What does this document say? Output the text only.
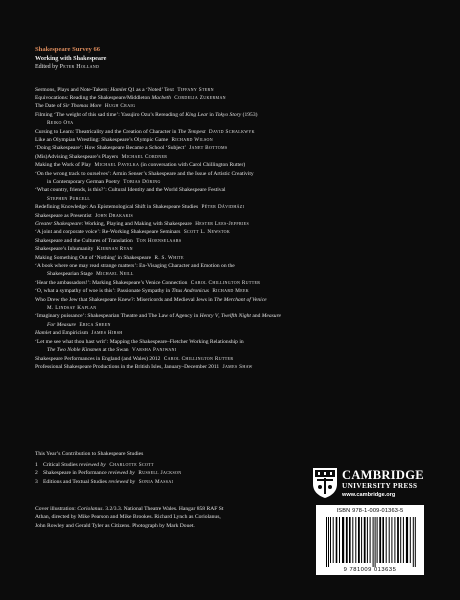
Shakespeare Survey 66
Working with Shakespeare
Edited by Peter Holland
Sermons, Plays and Note-Takers: Hamlet Q1 as a ‘Noted’ Text Tiffany Stern
Equivocations: Reading the Shakespeare/Middleton Macbeth Cordelia Zukerman
The Date of Sir Thomas More Hugh Craig
Filming ‘The weight of this sad time’: Yasujiro Ozu’s Rereading of King Lear in Tokyo Story (1953)
Reiko Oya
Cursing to Learn: Theatricality and the Creation of Character in The Tempest David Schalkwyk
Like an Olympian Wrestling: Shakespeare’s Olympic Game Richard Wilson
‘Doing Shakespeare’: How Shakespeare Became a School ‘Subject’ Janet Bottoms
(Mis)Advising Shakespeare’s Players Michael Cordner
Making the Work of Play Michael Pavelka (in conversation with Carol Chillington Rutter)
‘On the wrong track to ourselves’: Armin Senser’s Shakespeare and the Issue of Artistic Creativity
in Contemporary German Poetry Tobias Döring
‘What country, friends, is this?’: Cultural Identity and the World Shakespeare Festival
Stephen Purcell
Redefining Knowledge: An Epistemological Shift in Shakespeare Studies Péter Dávidházi
Shakespeare as Presentist John Drakakis
Greater Shakespeare: Working, Playing and Making with Shakespeare Hester Lees-Jeffries
‘A joint and corporate voice’: Re-Working Shakespeare Seminars Scott L. Newstok
Shakespeare and the Cultures of Translation Ton Hoenselaars
Shakespeare’s Inhumanity Kiernan Ryan
Making Something Out of ‘Nothing’ in Shakespeare R. S. White
‘A book where one may read strange matters’: En-Visaging Character and Emotion on the
Shakespearian Stage Michael Neill
‘Hear the ambassadors!’: Marking Shakespeare’s Venice Connection Carol Chillington Rutter
‘O, what a sympathy of woe is this’: Passionate Sympathy in Titus Andronicus Richard Meek
Who Drew the Jew that Shakespeare Knew?: Misericords and Medieval Jews in The Merchant of Venice
M. Lindsay Kaplan
‘Imaginary puissance’: Shakespearian Theatre and The Law of Agency in Henry V, Twelfth Night and Measure
For Measure Erica Sheen
Hamlet and Empiricism James Hirsh
‘Let me see what thou hast writ’: Mapping the Shakespeare–Fletcher Working Relationship in
The Two Noble Kinsmen at the Swan Varsha Panjwani
Shakespeare Performances in England (and Wales) 2012 Carol Chillington Rutter
Professional Shakespeare Productions in the British Isles, January–December 2011 James Shaw
This Year’s Contribution to Shakespeare Studies
1 Critical Studies reviewed by Charlotte Scott
2 Shakespeare in Performance reviewed by Russell Jackson
3 Editions and Textual Studies reviewed by Sonia Massai
Cover illustration: Coriolanus. 3.2/3.3. National Theatre Wales. Hangar 858 RAF St Athan, directed by Mike Pearson and Mike Brookes. Richard Lynch as Coriolanus, John Rowley and Gerald Tyler as Citizens. Photograph by Mark Douet.
CAMBRIDGE
UNIVERSITY PRESS
www.cambridge.org
ISBN 978-1-009-01363-5
9 781009 013635
